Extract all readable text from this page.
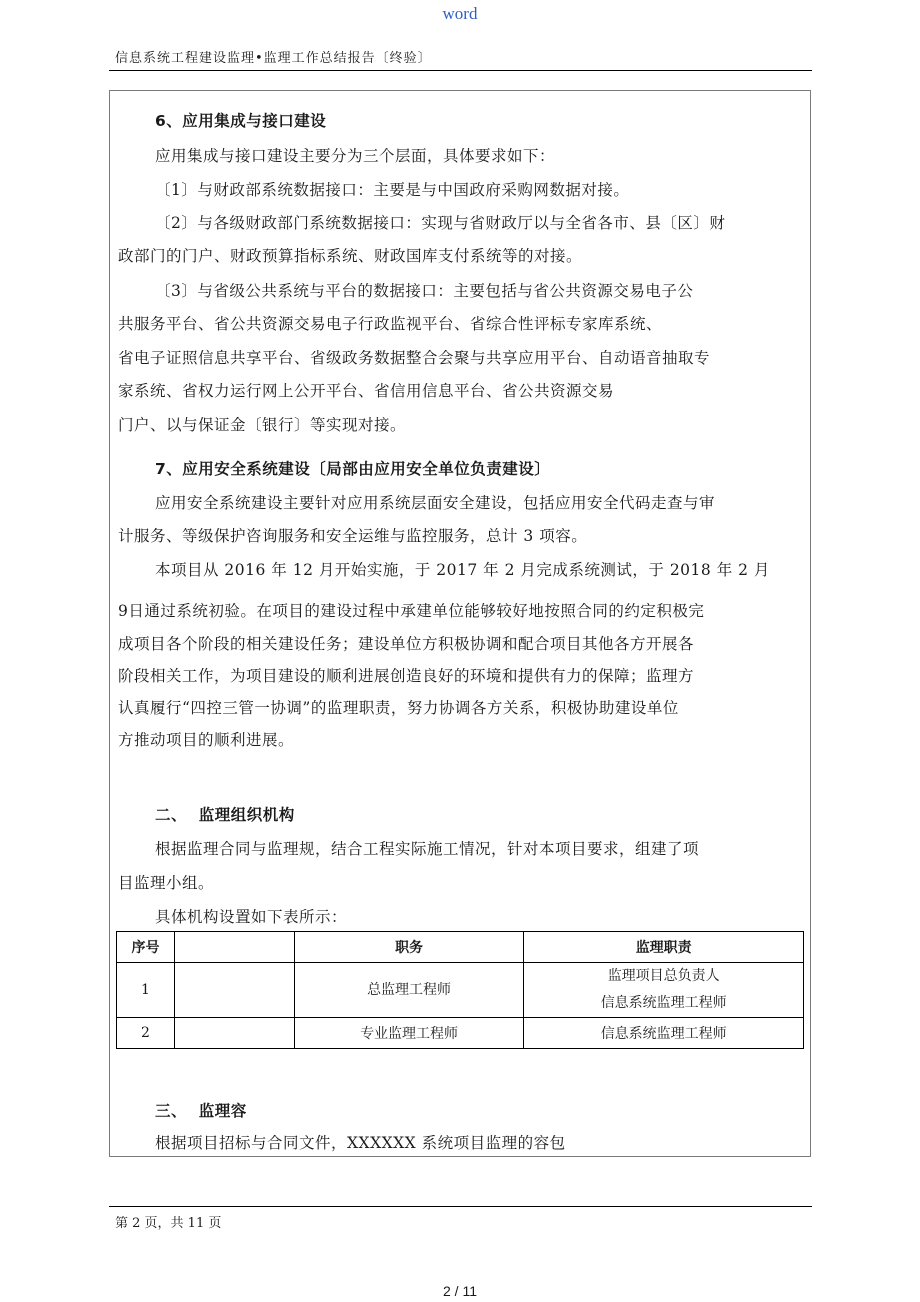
word
信息系统工程建设监理•监理工作总结报告〔终验〕
6、应用集成与接口建设
应用集成与接口建设主要分为三个层面，具体要求如下：
〔1〕与财政部系统数据接口：主要是与中国政府采购网数据对接。
〔2〕与各级财政部门系统数据接口：实现与省财政厅以与全省各市、县〔区〕财
政部门的门户、财政预算指标系统、财政国库支付系统等的对接。
〔3〕与省级公共系统与平台的数据接口：主要包括与省公共资源交易电子公
共服务平台、省公共资源交易电子行政监视平台、省综合性评标专家库系统、
省电子证照信息共享平台、省级政务数据整合会聚与共享应用平台、自动语音抽取专
家系统、省权力运行网上公开平台、省信用信息平台、省公共资源交易
门户、以与保证金〔银行〕等实现对接。
7、应用安全系统建设〔局部由应用安全单位负责建设〕
应用安全系统建设主要针对应用系统层面安全建设，包括应用安全代码走查与审
计服务、等级保护咨询服务和安全运维与监控服务，总计 3 项容。
本项目从 2016 年 12 月开始实施，于 2017 年 2 月完成系统测试，于 2018 年 2 月
9日通过系统初验。在项目的建设过程中承建单位能够较好地按照合同的约定积极完
成项目各个阶段的相关建设任务；建设单位方积极协调和配合项目其他各方开展各
阶段相关工作，为项目建设的顺利进展创造良好的环境和提供有力的保障；监理方
认真履行“四控三管一协调”的监理职责，努力协调各方关系，积极协助建设单位
方推动项目的顺利进展。
二、  监理组织机构
根据监理合同与监理规，结合工程实际施工情况，针对本项目要求，组建了项
目监理小组。
具体机构设置如下表所示：
序号		职务	监理职责
1		总监理工程师	监理项目总负责人
信息系统监理工程师

2		专业监理工程师	信息系统监理工程师
三、  监理容
根据项目招标与合同文件，XXXXXX 系统项目监理的容包
第 2 页，共 11 页
2 / 11
